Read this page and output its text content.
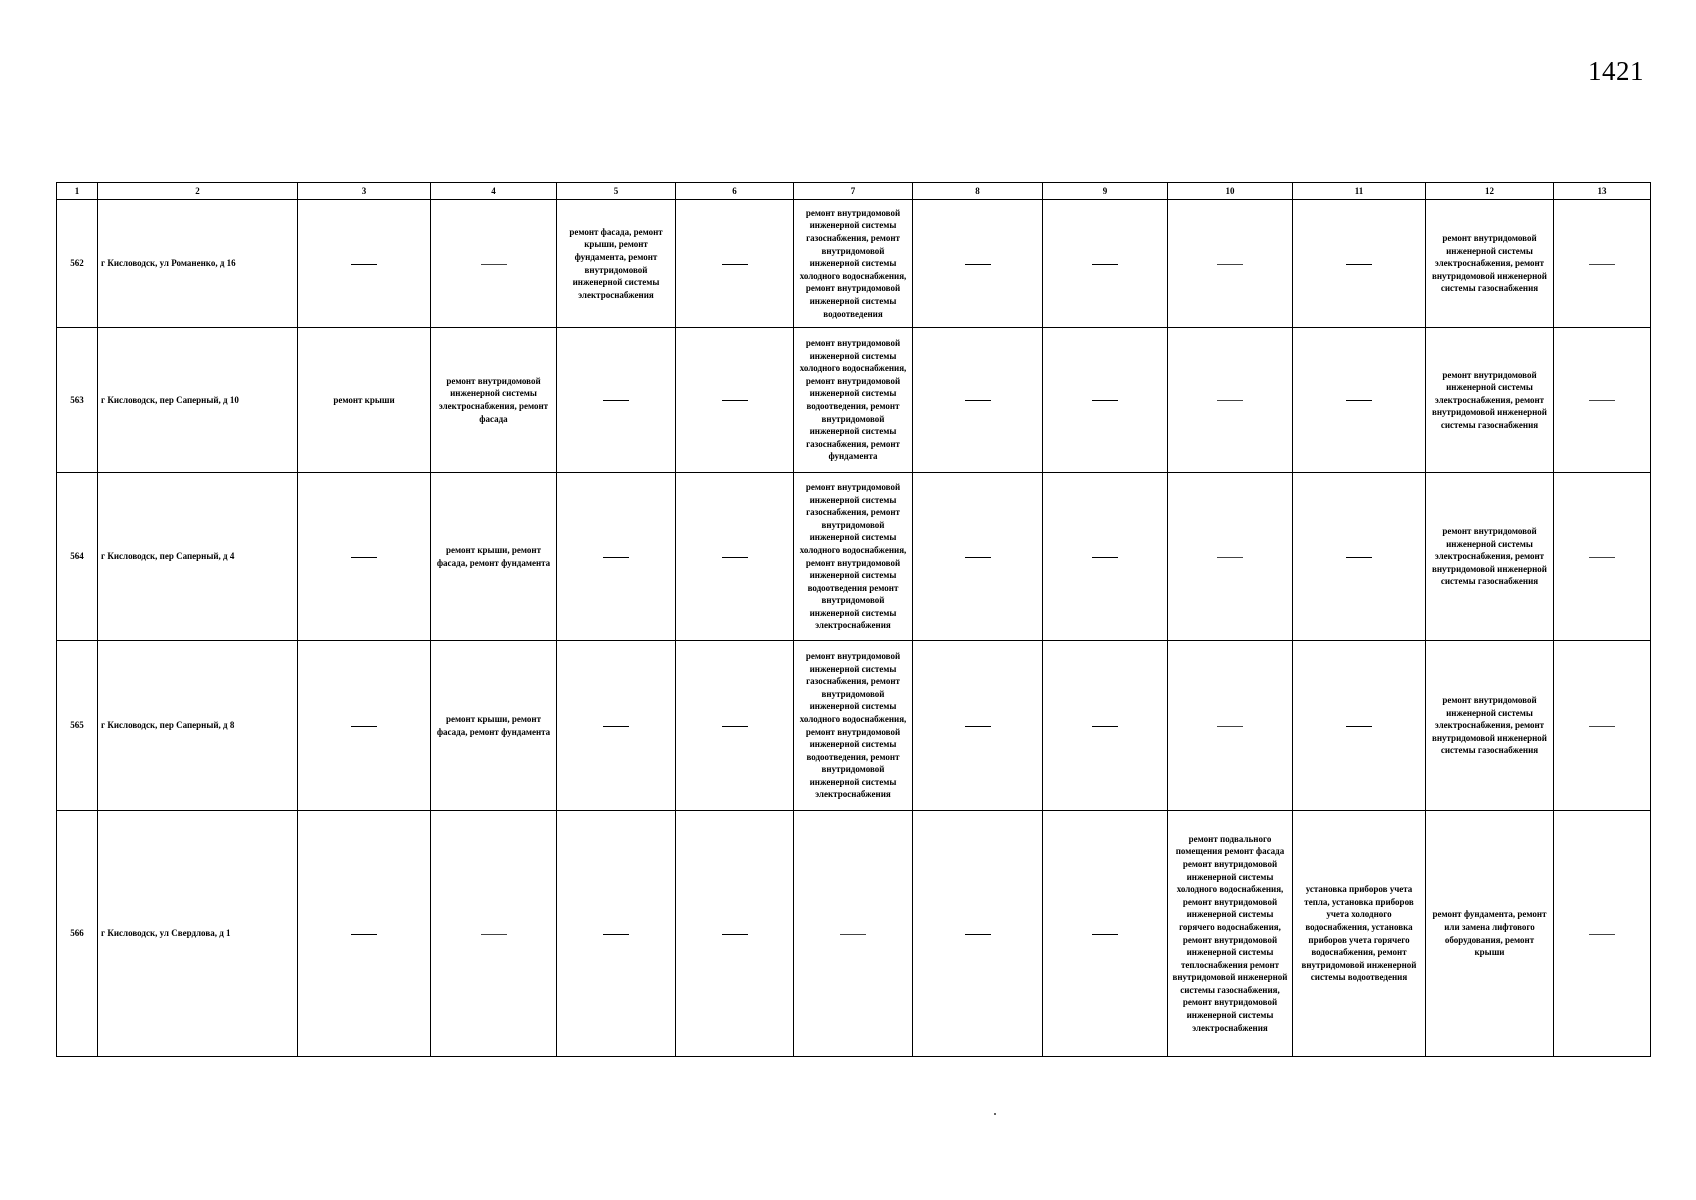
1421
1	2	3	4	5	6	7	8	9	10	11	12	13
562	г Кисловодск, ул Романенко, д 16			ремонт фасада, ремонт крыши, ремонт фундамента, ремонт внутридомовой инженерной системы электроснабжения		ремонт внутридомовой инженерной системы газоснабжения, ремонт внутридомовой инженерной системы холодного водоснабжения, ремонт внутридомовой инженерной системы водоотведения					ремонт внутридомовой инженерной системы электроснабжения, ремонт внутридомовой инженерной системы газоснабжения	

563	г Кисловодск, пер Саперный, д 10	ремонт крыши	ремонт внутридомовой инженерной системы электроснабжения, ремонт фасада			ремонт внутридомовой инженерной системы холодного водоснабжения, ремонт внутридомовой инженерной системы водоотведения, ремонт внутридомовой инженерной системы газоснабжения, ремонт фундамента					ремонт внутридомовой инженерной системы электроснабжения, ремонт внутридомовой инженерной системы газоснабжения	

564	г Кисловодск, пер Саперный, д 4		ремонт крыши, ремонт фасада, ремонт фундамента			ремонт внутридомовой инженерной системы газоснабжения, ремонт внутридомовой инженерной системы холодного водоснабжения, ремонт внутридомовой инженерной системы водоотведения ремонт внутридомовой инженерной системы электроснабжения					ремонт внутридомовой инженерной системы электроснабжения, ремонт внутридомовой инженерной системы газоснабжения	

565	г Кисловодск, пер Саперный, д 8		ремонт крыши, ремонт фасада, ремонт фундамента			ремонт внутридомовой инженерной системы газоснабжения, ремонт внутридомовой инженерной системы холодного водоснабжения, ремонт внутридомовой инженерной системы водоотведения, ремонт внутридомовой инженерной системы электроснабжения					ремонт внутридомовой инженерной системы электроснабжения, ремонт внутридомовой инженерной системы газоснабжения	

566	г Кисловодск, ул Свердлова, д 1								ремонт подвального помещения ремонт фасада ремонт внутридомовой инженерной системы холодного водоснабжения, ремонт внутридомовой инженерной системы горячего водоснабжения, ремонт внутридомовой инженерной системы теплоснабжения ремонт внутридомовой инженерной системы газоснабжения, ремонт внутридомовой инженерной системы электроснабжения	установка приборов учета тепла, установка приборов учета холодного водоснабжения, установка приборов учета горячего водоснабжения, ремонт внутридомовой инженерной системы водоотведения	ремонт фундамента, ремонт или замена лифтового оборудования, ремонт крыши	
